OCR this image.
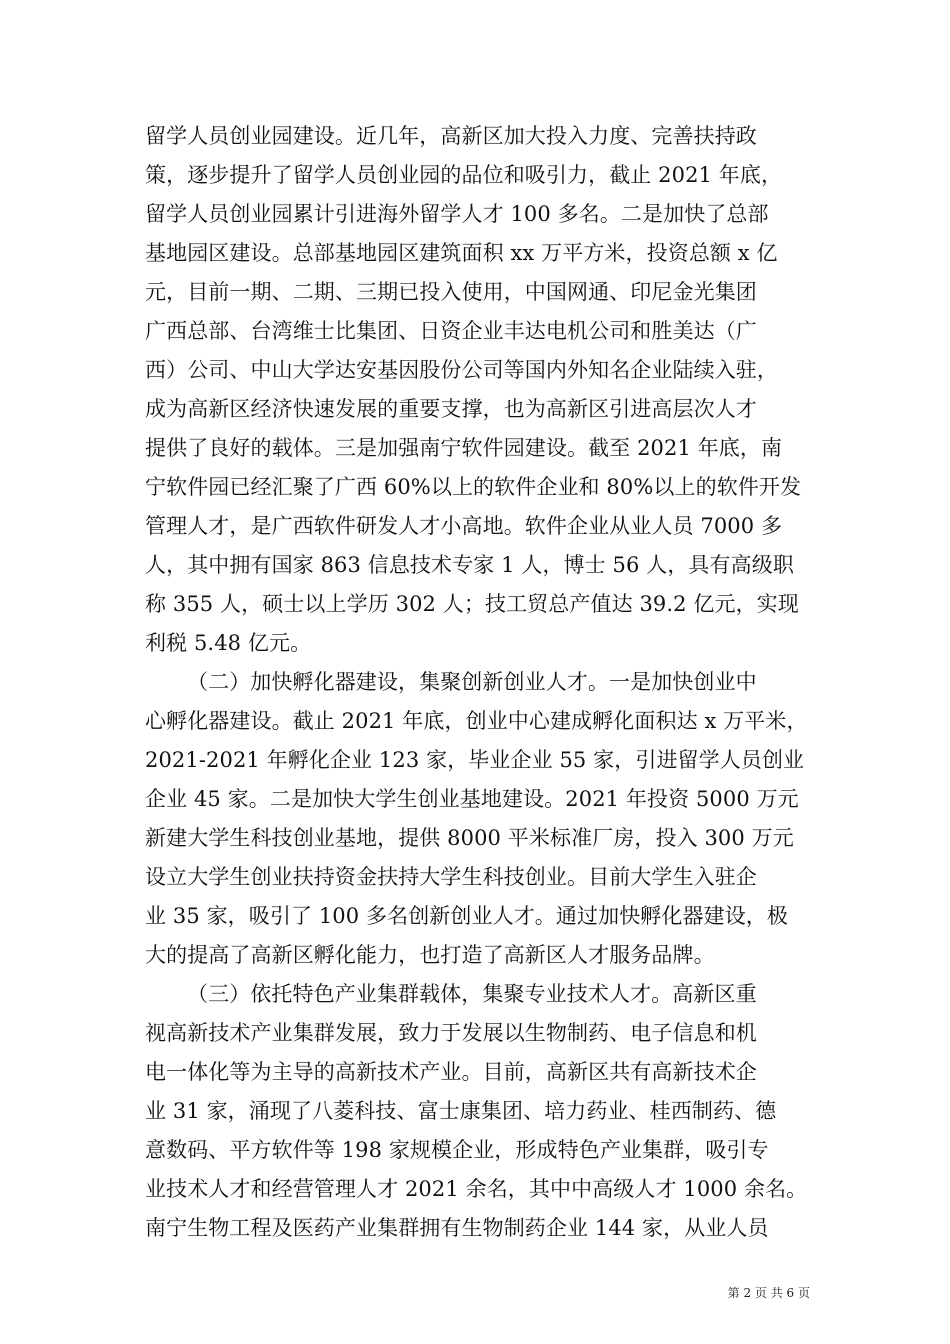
留学人员创业园建设。近几年，高新区加大投入力度、完善扶持政
策，逐步提升了留学人员创业园的品位和吸引力，截止 2021 年底，
留学人员创业园累计引进海外留学人才 100 多名。二是加快了总部
基地园区建设。总部基地园区建筑面积 xx 万平方米，投资总额 x 亿
元，目前一期、二期、三期已投入使用，中国网通、印尼金光集团
广西总部、台湾维士比集团、日资企业丰达电机公司和胜美达（广
西）公司、中山大学达安基因股份公司等国内外知名企业陆续入驻，
成为高新区经济快速发展的重要支撑，也为高新区引进高层次人才
提供了良好的载体。三是加强南宁软件园建设。截至 2021 年底，南
宁软件园已经汇聚了广西 60%以上的软件企业和 80%以上的软件开发
管理人才，是广西软件研发人才小高地。软件企业从业人员 7000 多
人，其中拥有国家 863 信息技术专家 1 人，博士 56 人，具有高级职
称 355 人，硕士以上学历 302 人；技工贸总产值达 39.2 亿元，实现
利税 5.48 亿元。
（二）加快孵化器建设，集聚创新创业人才。一是加快创业中
心孵化器建设。截止 2021 年底，创业中心建成孵化面积达 x 万平米，
2021-2021 年孵化企业 123 家，毕业企业 55 家，引进留学人员创业
企业 45 家。二是加快大学生创业基地建设。2021 年投资 5000 万元
新建大学生科技创业基地，提供 8000 平米标准厂房，投入 300 万元
设立大学生创业扶持资金扶持大学生科技创业。目前大学生入驻企
业 35 家，吸引了 100 多名创新创业人才。通过加快孵化器建设，极
大的提高了高新区孵化能力，也打造了高新区人才服务品牌。
（三）依托特色产业集群载体，集聚专业技术人才。高新区重
视高新技术产业集群发展，致力于发展以生物制药、电子信息和机
电一体化等为主导的高新技术产业。目前，高新区共有高新技术企
业 31 家，涌现了八菱科技、富士康集团、培力药业、桂西制药、德
意数码、平方软件等 198 家规模企业，形成特色产业集群，吸引专
业技术人才和经营管理人才 2021 余名，其中中高级人才 1000 余名。
南宁生物工程及医药产业集群拥有生物制药企业 144 家，从业人员
第 2 页 共 6 页
